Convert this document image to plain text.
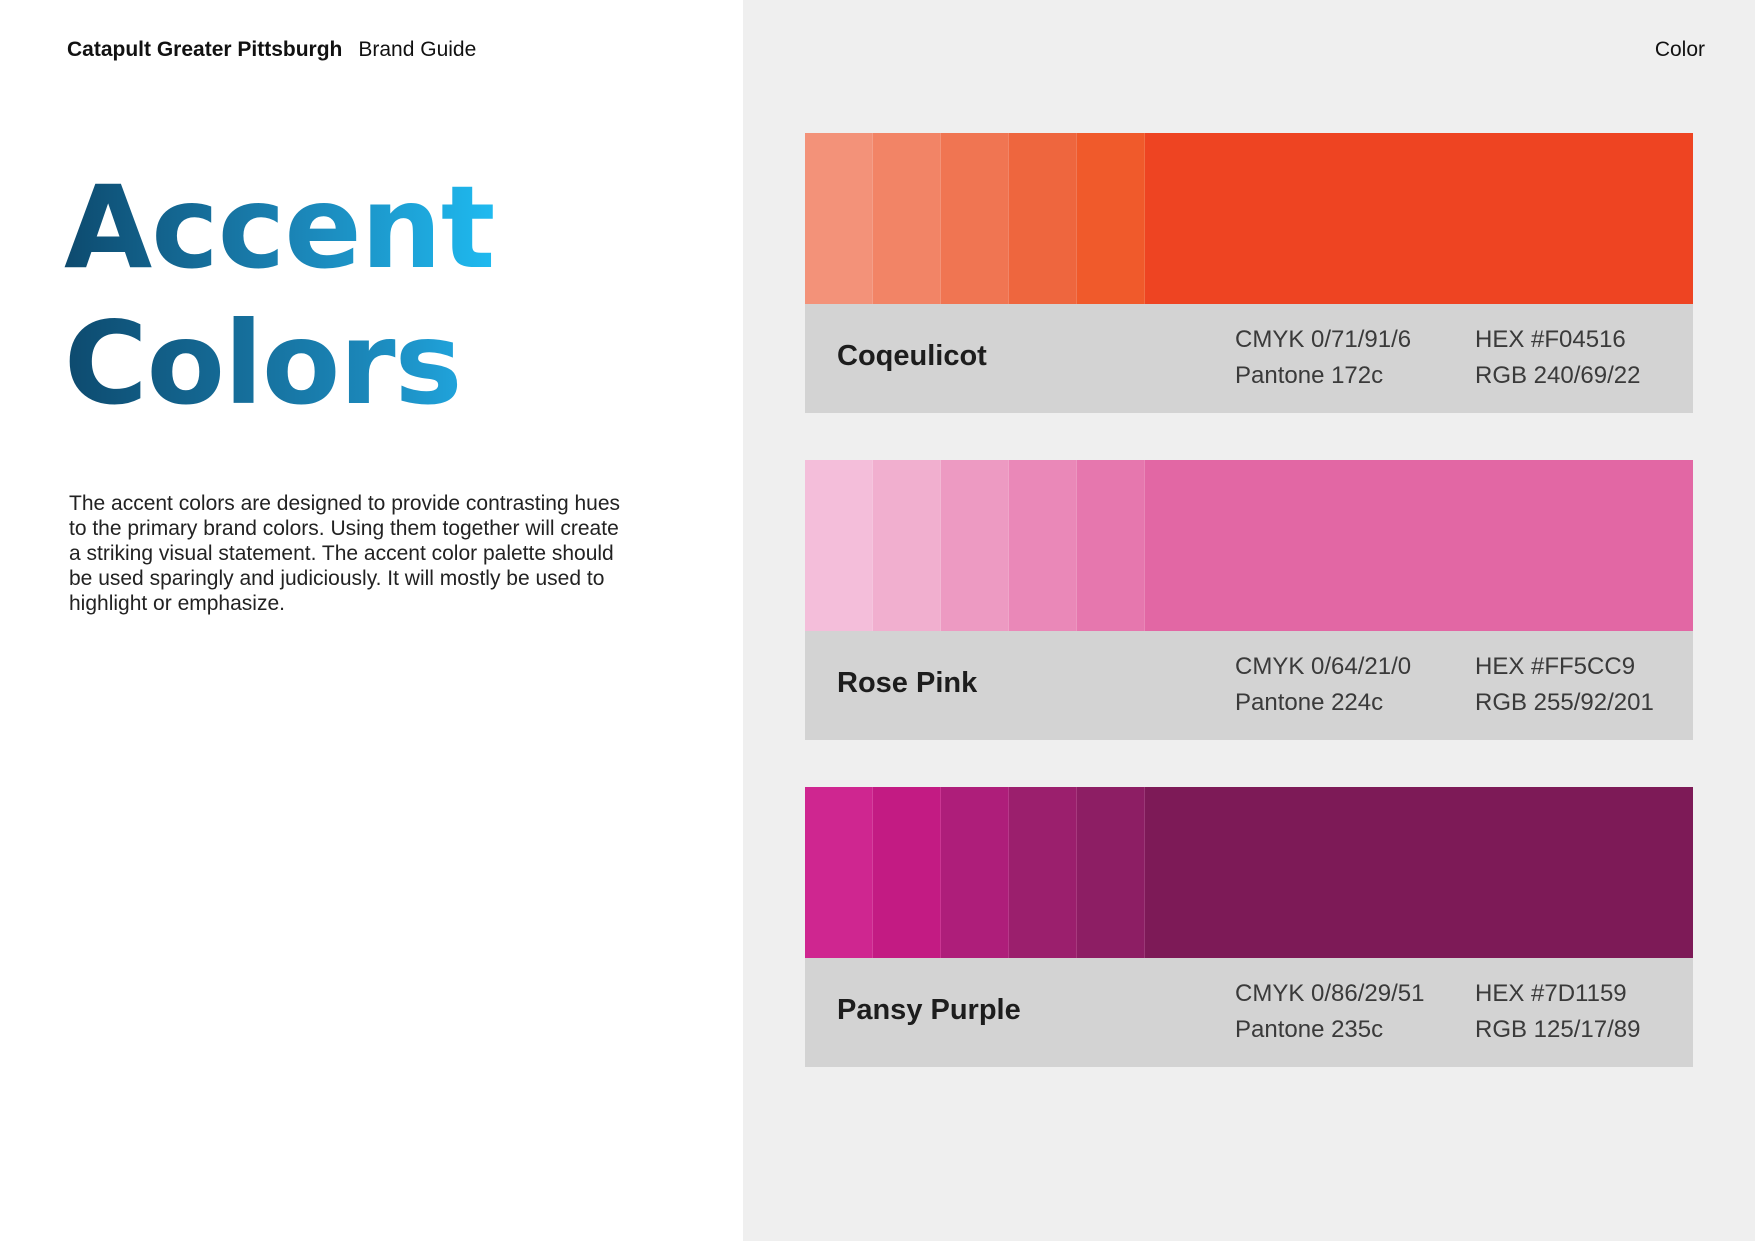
Catapult Greater Pittsburgh Brand Guide
Accent
Colors

The accent colors are designed to provide contrasting hues to the primary brand colors. Using them together will create a striking visual statement. The accent color palette should be used sparingly and judiciously. It will mostly be used to highlight or emphasize.

Color
Coqeulicot
CMYK 0/71/91/6
Pantone 172c
HEX #F04516
RGB 240/69/22
Rose Pink
CMYK 0/64/21/0
Pantone 224c
HEX #FF5CC9
RGB 255/92/201
Pansy Purple
CMYK 0/86/29/51
Pantone 235c
HEX #7D1159
RGB 125/17/89
